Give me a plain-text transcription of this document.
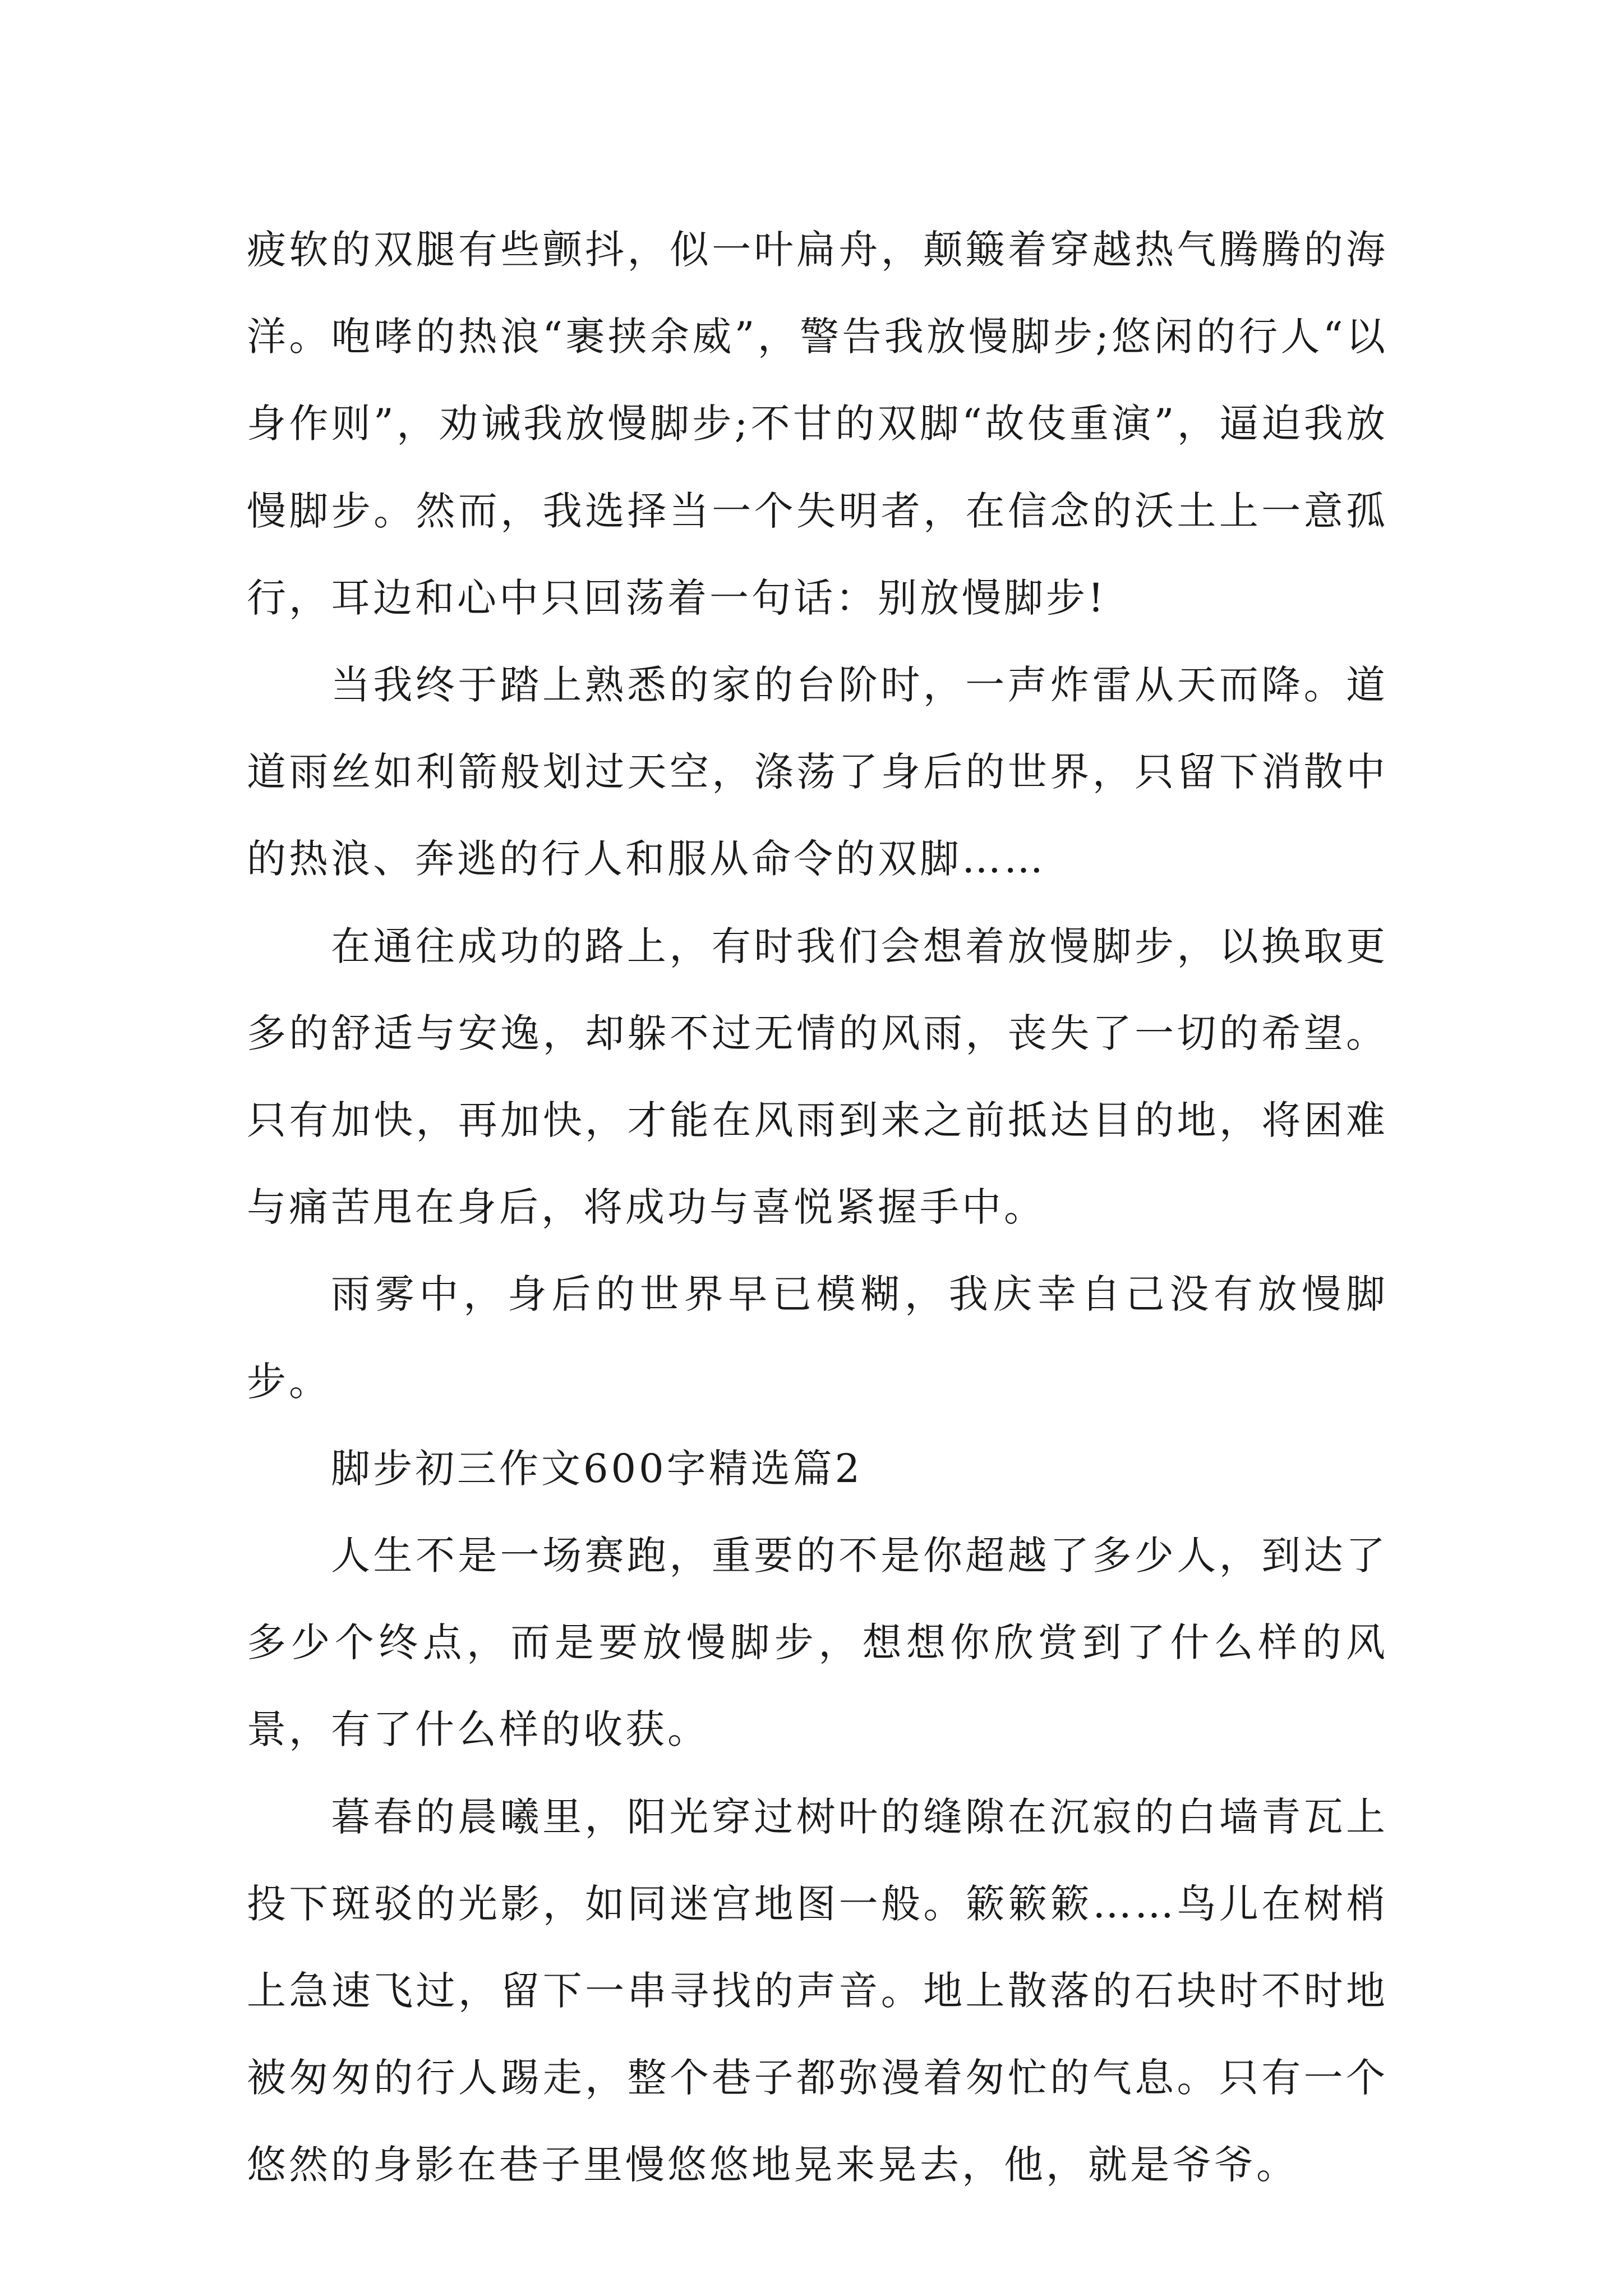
疲软的双腿有些颤抖，似一叶扁舟，颠簸着穿越热气腾腾的海洋。咆哮的热浪“裹挟余威”，警告我放慢脚步;悠闲的行人“以身作则”，劝诫我放慢脚步;不甘的双脚“故伎重演”，逼迫我放慢脚步。然而，我选择当一个失明者，在信念的沃土上一意孤行，耳边和心中只回荡着一句话：别放慢脚步!

当我终于踏上熟悉的家的台阶时，一声炸雷从天而降。道道雨丝如利箭般划过天空，涤荡了身后的世界，只留下消散中的热浪、奔逃的行人和服从命令的双脚……

在通往成功的路上，有时我们会想着放慢脚步，以换取更多的舒适与安逸，却躲不过无情的风雨，丧失了一切的希望。只有加快，再加快，才能在风雨到来之前抵达目的地，将困难与痛苦甩在身后，将成功与喜悦紧握手中。

雨雾中，身后的世界早已模糊，我庆幸自己没有放慢脚步。

脚步初三作文600字精选篇2

人生不是一场赛跑，重要的不是你超越了多少人，到达了多少个终点，而是要放慢脚步，想想你欣赏到了什么样的风景，有了什么样的收获。

暮春的晨曦里，阳光穿过树叶的缝隙在沉寂的白墙青瓦上投下斑驳的光影，如同迷宫地图一般。簌簌簌……鸟儿在树梢上急速飞过，留下一串寻找的声音。地上散落的石块时不时地被匆匆的行人踢走，整个巷子都弥漫着匆忙的气息。只有一个悠然的身影在巷子里慢悠悠地晃来晃去，他，就是爷爷。
